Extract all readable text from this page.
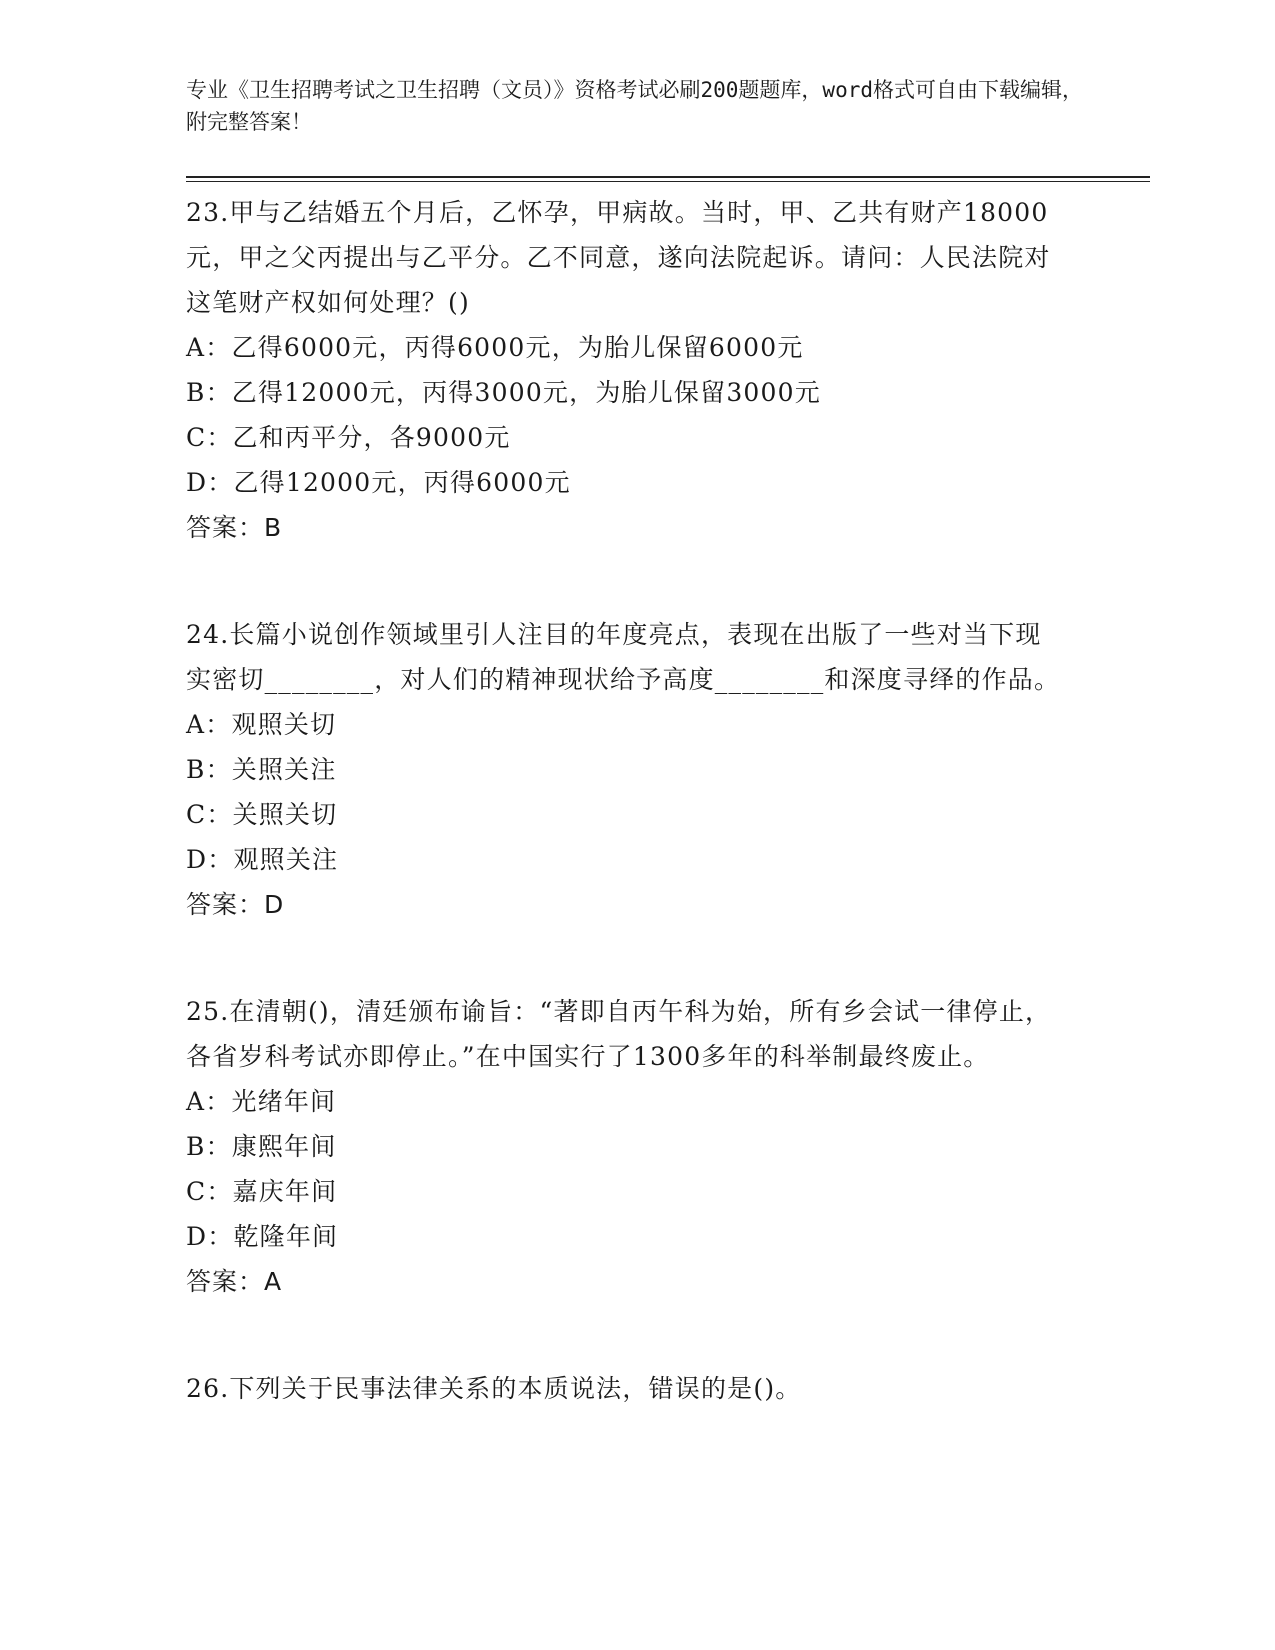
专业《卫生招聘考试之卫生招聘（文员）》资格考试必刷200题题库，word格式可自由下载编辑，附完整答案！

23.甲与乙结婚五个月后，乙怀孕，甲病故。当时，甲、乙共有财产18000元，甲之父丙提出与乙平分。乙不同意，遂向法院起诉。请问：人民法院对这笔财产权如何处理？()

A：乙得6000元，丙得6000元，为胎儿保留6000元

B：乙得12000元，丙得3000元，为胎儿保留3000元

C：乙和丙平分，各9000元

D：乙得12000元，丙得6000元

答案：B

24.长篇小说创作领域里引人注目的年度亮点，表现在出版了一些对当下现实密切________，对人们的精神现状给予高度________和深度寻绎的作品。

A：观照关切

B：关照关注

C：关照关切

D：观照关注

答案：D

25.在清朝()，清廷颁布谕旨：“著即自丙午科为始，所有乡会试一律停止，各省岁科考试亦即停止。”在中国实行了1300多年的科举制最终废止。

A：光绪年间

B：康熙年间

C：嘉庆年间

D：乾隆年间

答案：A

26.下列关于民事法律关系的本质说法，错误的是()。
